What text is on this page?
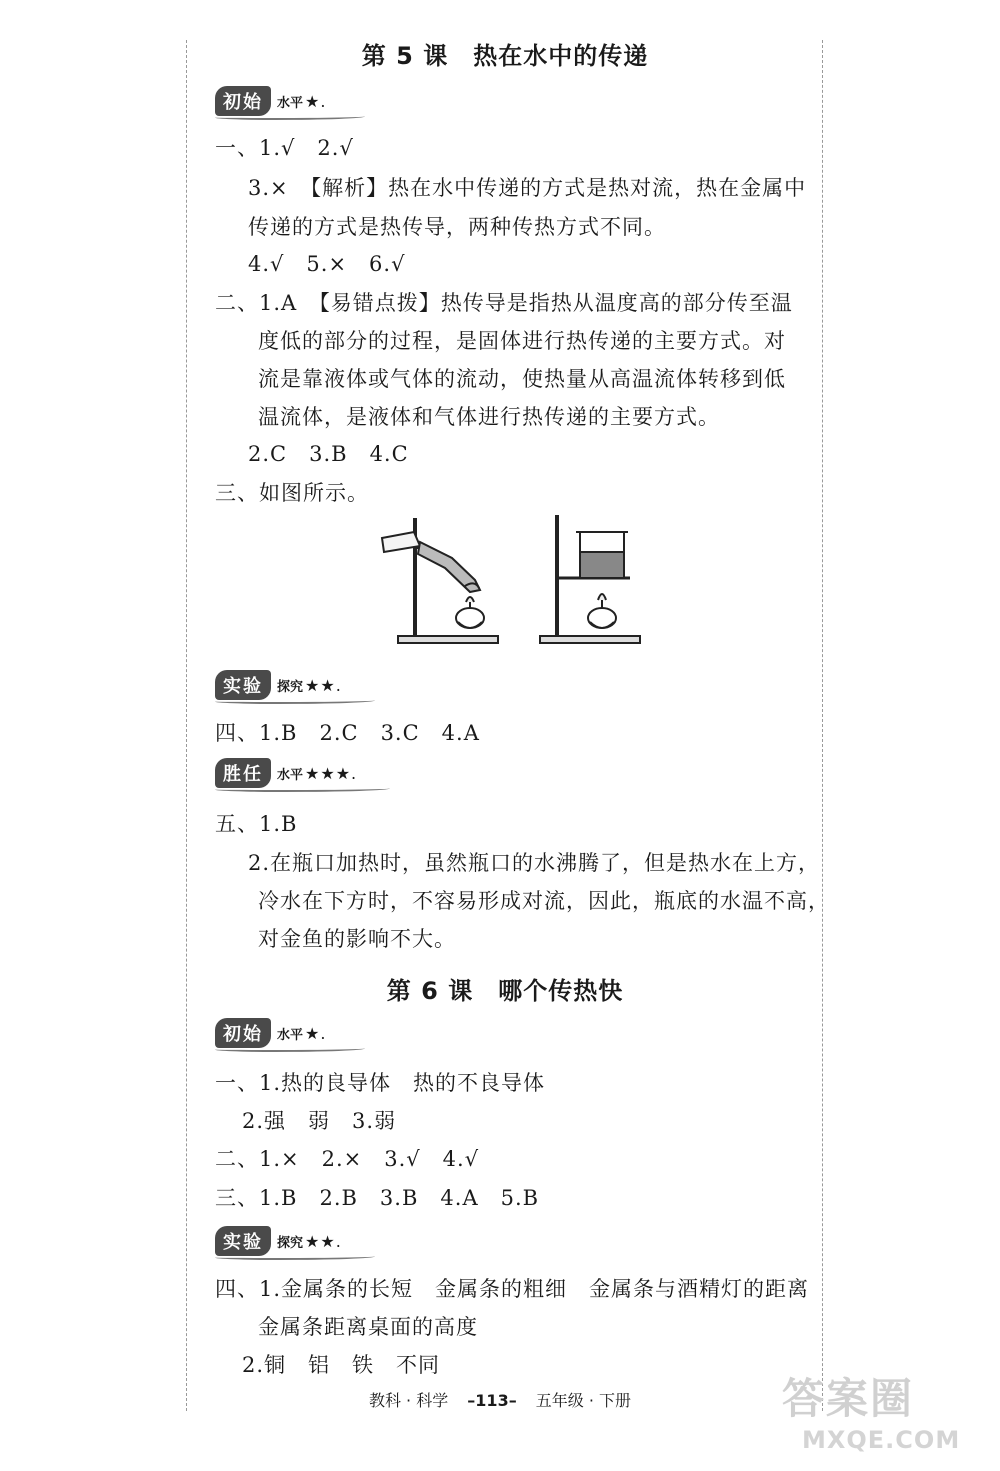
第 5 课　热在水中的传递
初始	水平 ★.
一、1.√　2.√
3.×　【解析】热在水中传递的方式是热对流，热在金属中
传递的方式是热传导，两种传热方式不同。
4.√　5.×　6.√
二、1.A　【易错点拨】热传导是指热从温度高的部分传至温
度低的部分的过程，是固体进行热传递的主要方式。对
流是靠液体或气体的流动，使热量从高温流体转移到低
温流体，是液体和气体进行热传递的主要方式。
2.C　3.B　4.C
三、如图所示。
实验	探究 ★★.
四、1.B　2.C　3.C　4.A
胜任	水平 ★★★.
五、1.B
2.在瓶口加热时，虽然瓶口的水沸腾了，但是热水在上方，
冷水在下方时，不容易形成对流，因此，瓶底的水温不高，
对金鱼的影响不大。
第 6 课　哪个传热快
初始	水平 ★.
一、1.热的良导体　热的不良导体
2.强　弱　3.弱
二、1.×　2.×　3.√　4.√
三、1.B　2.B　3.B　4.A　5.B
实验	探究 ★★.
四、1.金属条的长短　金属条的粗细　金属条与酒精灯的距离
金属条距离桌面的高度
2.铜　铝　铁　不同
教科 · 科学 –113– 五年级 · 下册	答案圈
MXQE.COM
